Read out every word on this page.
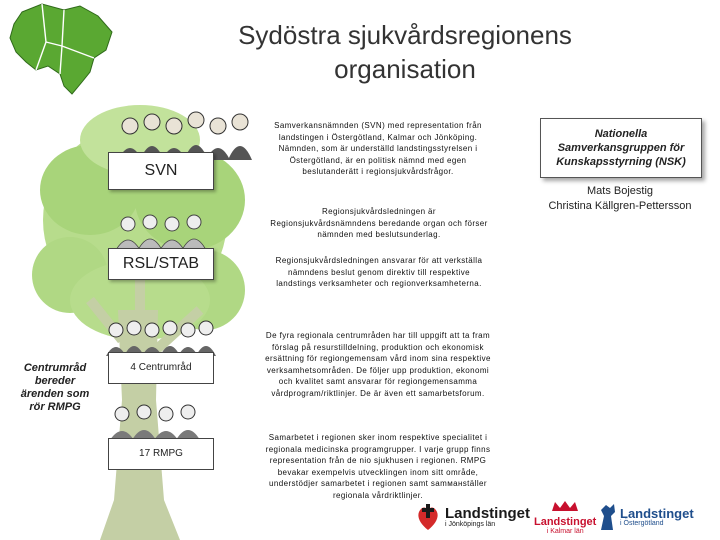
Sydöstra sjukvårdsregionens organisation
SVN
RSL/STAB
4 Centrumråd
17 RMPG
Centrumråd bereder ärenden som rör RMPG
Samverkansnämnden (SVN) med representation från landstingen i Östergötland, Kalmar och Jönköping. Nämnden, som är underställd landstingsstyrelsen i Östergötland, är en politisk nämnd med egen beslutanderätt i regionsjukvårdsfrågor.
Regionsjukvårdsledningen är Regionsjukvårdsnämndens beredande organ och förser nämnden med beslutsunderlag.
Regionsjukvårdsledningen ansvarar för att verkställa nämndens beslut genom direktiv till respektive landstings verksamheter och regionverksamheterna.
De fyra regionala centrumråden har till uppgift att ta fram förslag på resurstilldelning, produktion och ekonomisk ersättning för regiongemensam vård inom sina respektive verksamhetsområden. De följer upp produktion, ekonomi och kvalitet samt ansvarar för regiongemensamma vårdprogram/riktlinjer. De är även ett samarbetsforum.
Samarbetet i regionen sker inom respektive specialitet i regionala medicinska programgrupper. I varje grupp finns representation från de nio sjukhusen i regionen. RMPG bevakar exempelvis utvecklingen inom sitt område, understödjer samarbetet i regionen samt samманställer regionala vårdriktlinjer.
Nationella Samverkansgruppen för Kunskapsstyrning (NSK)
Mats Bojestig
Christina Källgren-Pettersson
Landstinget
i Jönköpings län	Landstinget
i Kalmar län
Landstinget
i Östergötland
